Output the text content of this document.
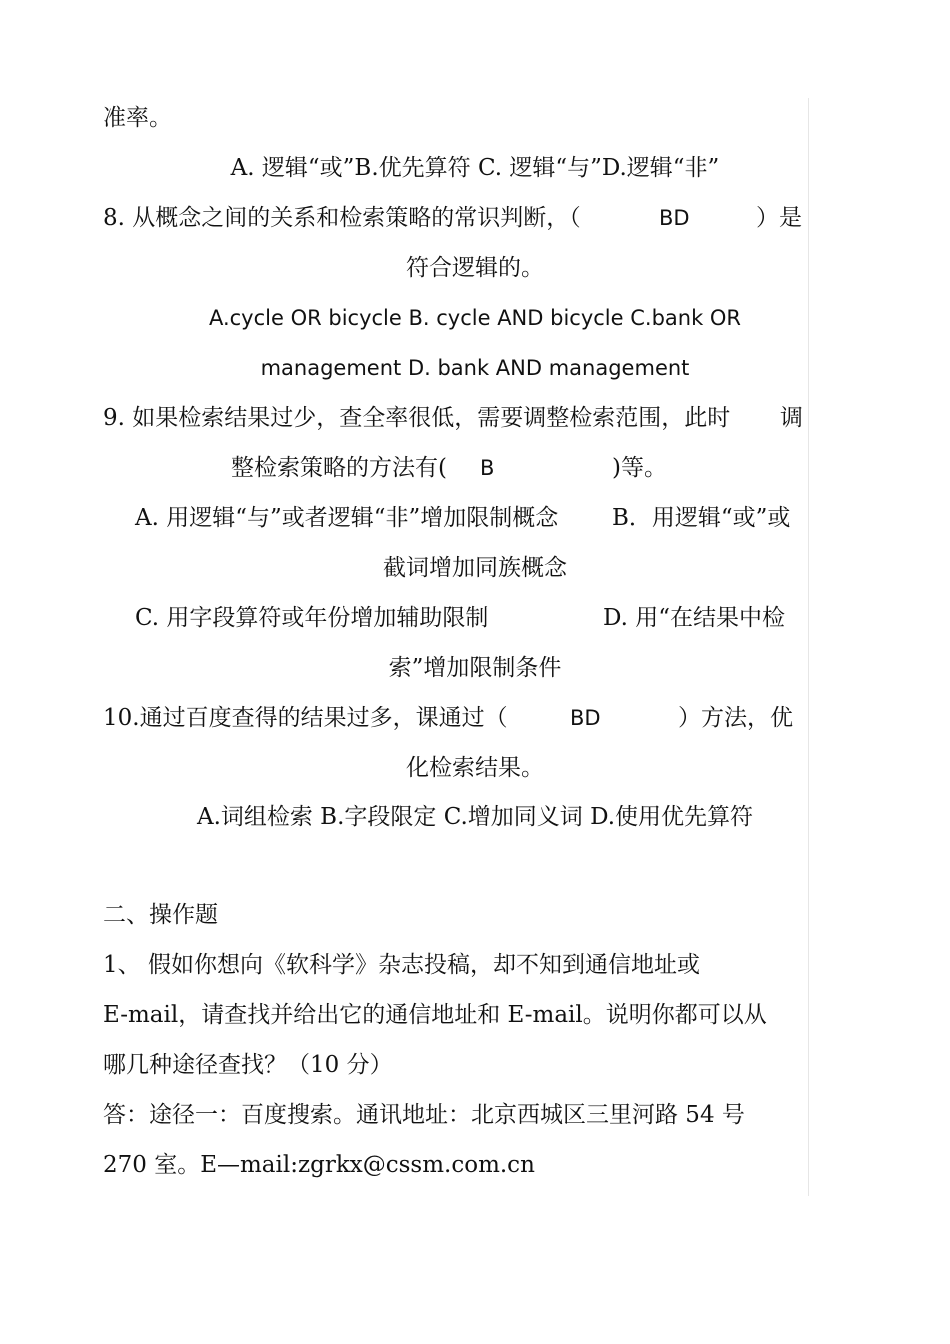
准率。
A. 逻辑“或”B.优先算符 C. 逻辑“与”D.逻辑“非”
8. 从概念之间的关系和检索策略的常识判断，（	BD	）是
符合逻辑的。
A.cycle OR bicycle B. cycle AND bicycle C.bank OR
management D. bank AND management
9. 如果检索结果过少，查全率很低，需要调整检索范围，此时 调
整检索策略的方法有( B	)等。
A. 用逻辑“与”或者逻辑“非”增加限制概念 B．用逻辑“或”或
截词增加同族概念
C. 用字段算符或年份增加辅助限制	D. 用“在结果中检
索”增加限制条件
10.通过百度查得的结果过多，课通过（	BD	）方法，优
化检索结果。
A.词组检索 B.字段限定 C.增加同义词 D.使用优先算符
二、操作题
1、 假如你想向《软科学》杂志投稿，却不知到通信地址或
E-mail，请查找并给出它的通信地址和 E-mail。说明你都可以从
哪几种途径查找？（10 分）
答：途径一：百度搜索。通讯地址：北京西城区三里河路 54 号
270 室。E—mail:zgrkx@cssm.com.cn
